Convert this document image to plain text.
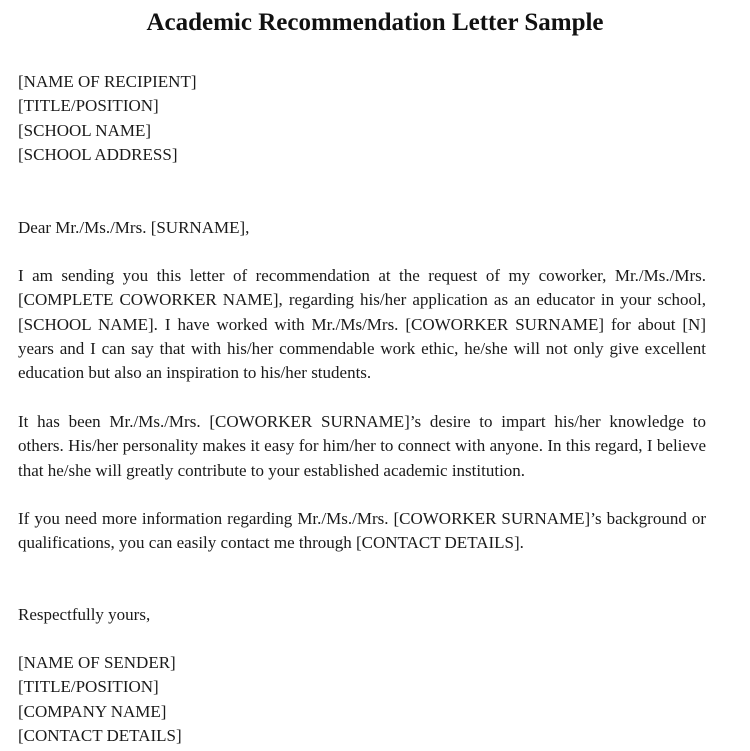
Academic Recommendation Letter Sample
[NAME OF RECIPIENT]
[TITLE/POSITION]
[SCHOOL NAME]
[SCHOOL ADDRESS]

Dear Mr./Ms./Mrs. [SURNAME],

I am sending you this letter of recommendation at the request of my coworker, Mr./Ms./Mrs. [COMPLETE COWORKER NAME], regarding his/her application as an educator in your school, [SCHOOL NAME]. I have worked with Mr./Ms/Mrs. [COWORKER SURNAME] for about [N] years and I can say that with his/her commendable work ethic, he/she will not only give excellent education but also an inspiration to his/her students.

It has been Mr./Ms./Mrs. [COWORKER SURNAME]’s desire to impart his/her knowledge to others. His/her personality makes it easy for him/her to connect with anyone. In this regard, I believe that he/she will greatly contribute to your established academic institution.

If you need more information regarding Mr./Ms./Mrs. [COWORKER SURNAME]’s background or qualifications, you can easily contact me through [CONTACT DETAILS].

Respectfully yours,

[NAME OF SENDER]
[TITLE/POSITION]
[COMPANY NAME]
[CONTACT DETAILS]
